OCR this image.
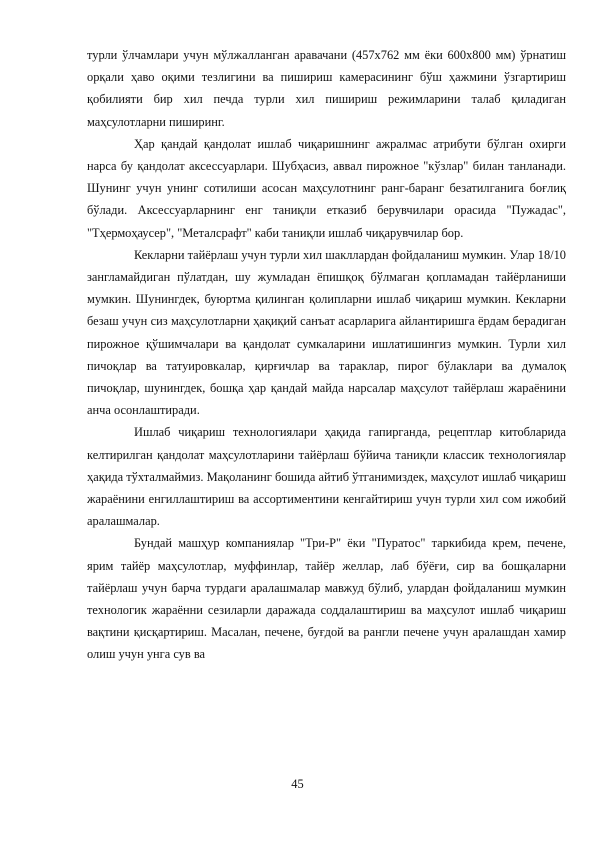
турли ўлчамлари учун мўлжалланган аравачани (457x762 мм ёки 600x800 мм) ўрнатиш орқали ҳаво оқими тезлигини ва пишириш камерасининг бўш ҳажмини ўзгартириш қобилияти бир хил печда турли хил пишириш режимларини талаб қиладиган маҳсулотларни пиширинг.

Ҳар қандай қандолат ишлаб чиқаришнинг ажралмас атрибути бўлган охирги нарса бу қандолат аксессуарлари. Шубҳасиз, аввал пирожное "кўзлар" билан танланади. Шунинг учун унинг сотилиши асосан маҳсулотнинг ранг-баранг безатилганига боғлиқ бўлади. Аксессуарларнинг енг таниқли етказиб берувчилари орасида "Пужадас", "Тҳермоҳаусер", "Металсрафт" каби таниқли ишлаб чиқарувчилар бор.

Кекларни тайёрлаш учун турли хил шакллардан фойдаланиш мумкин. Улар 18/10 зангламайдиган пўлатдан, шу жумладан ёпишқоқ бўлмаган қопламадан тайёрланиши мумкин. Шунингдек, буюртма қилинган қолипларни ишлаб чиқариш мумкин. Кекларни безаш учун сиз маҳсулотларни ҳақиқий санъат асарларига айлантиришга ёрдам берадиган пирожное қўшимчалари ва қандолат сумкаларини ишлатишингиз мумкин. Турли хил пичоқлар ва татуировкалар, қирғичлар ва тараклар, пирог бўлаклари ва думалоқ пичоқлар, шунингдек, бошқа ҳар қандай майда нарсалар маҳсулот тайёрлаш жараёнини анча осонлаштиради.

Ишлаб чиқариш технологиялари ҳақида гапирганда, рецептлар китобларида келтирилган қандолат маҳсулотларини тайёрлаш бўйича таниқли классик технологиялар ҳақида тўхталмаймиз. Мақоланинг бошида айтиб ўтганимиздек, маҳсулот ишлаб чиқариш жараёнини енгиллаштириш ва ассортиментини кенгайтириш учун турли хил сом ижобий аралашмалар.

Бундай машҳур компаниялар "Три-Р" ёки "Пуратос" таркибида крем, печене, ярим тайёр маҳсулотлар, муффинлар, тайёр желлар, лаб бўёғи, сир ва бошқаларни тайёрлаш учун барча турдаги аралашмалар мавжуд бўлиб, улардан фойдаланиш мумкин технологик жараённи сезиларли даражада соддалаштириш ва маҳсулот ишлаб чиқариш вақтини қисқартириш. Масалан, печене, буғдой ва рангли печене учун аралашдан хамир олиш учун унга сув ва

45
